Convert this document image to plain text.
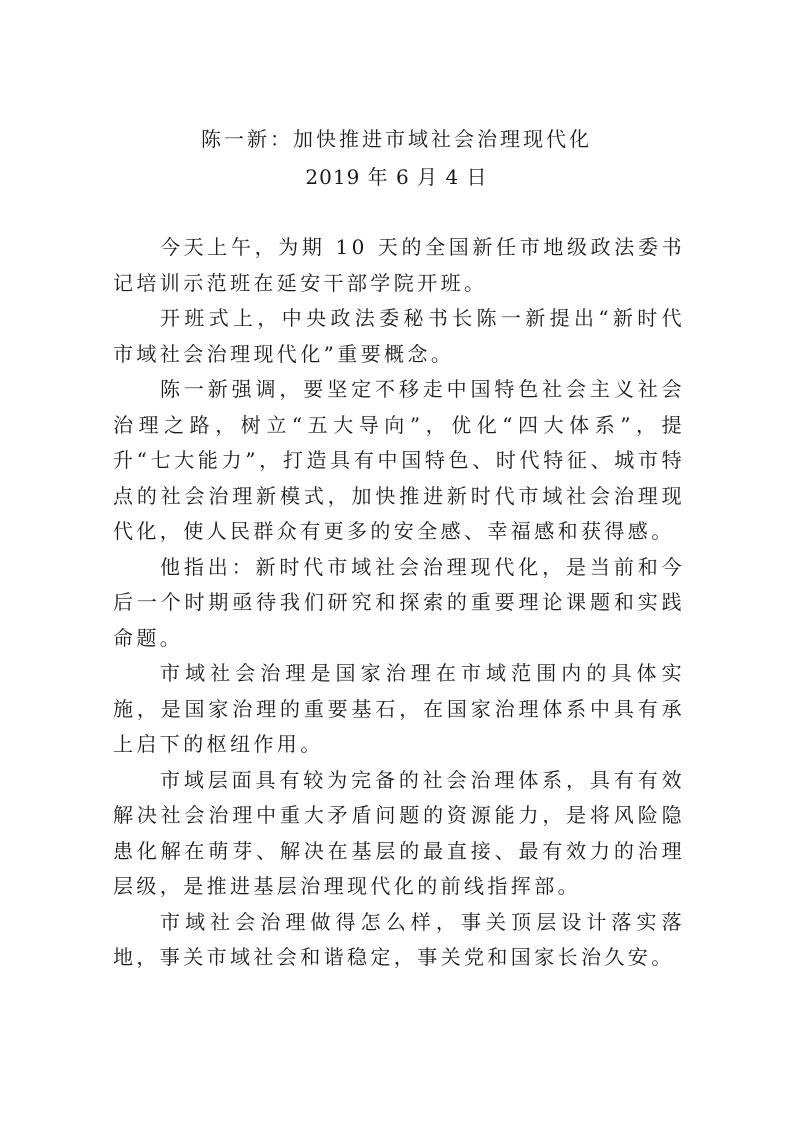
陈一新：加快推进市域社会治理现代化
2019 年 6 月 4 日

今天上午，为期 10 天的全国新任市地级政法委书记培训示范班在延安干部学院开班。

开班式上，中央政法委秘书长陈一新提出“新时代市域社会治理现代化”重要概念。

陈一新强调，要坚定不移走中国特色社会主义社会治理之路，树立“五大导向”，优化“四大体系”，提升“七大能力”，打造具有中国特色、时代特征、城市特点的社会治理新模式，加快推进新时代市域社会治理现代化，使人民群众有更多的安全感、幸福感和获得感。

他指出：新时代市域社会治理现代化，是当前和今后一个时期亟待我们研究和探索的重要理论课题和实践命题。

市域社会治理是国家治理在市域范围内的具体实施，是国家治理的重要基石，在国家治理体系中具有承上启下的枢纽作用。

市域层面具有较为完备的社会治理体系，具有有效解决社会治理中重大矛盾问题的资源能力，是将风险隐患化解在萌芽、解决在基层的最直接、最有效力的治理层级，是推进基层治理现代化的前线指挥部。

市域社会治理做得怎么样，事关顶层设计落实落地，事关市域社会和谐稳定，事关党和国家长治久安。
